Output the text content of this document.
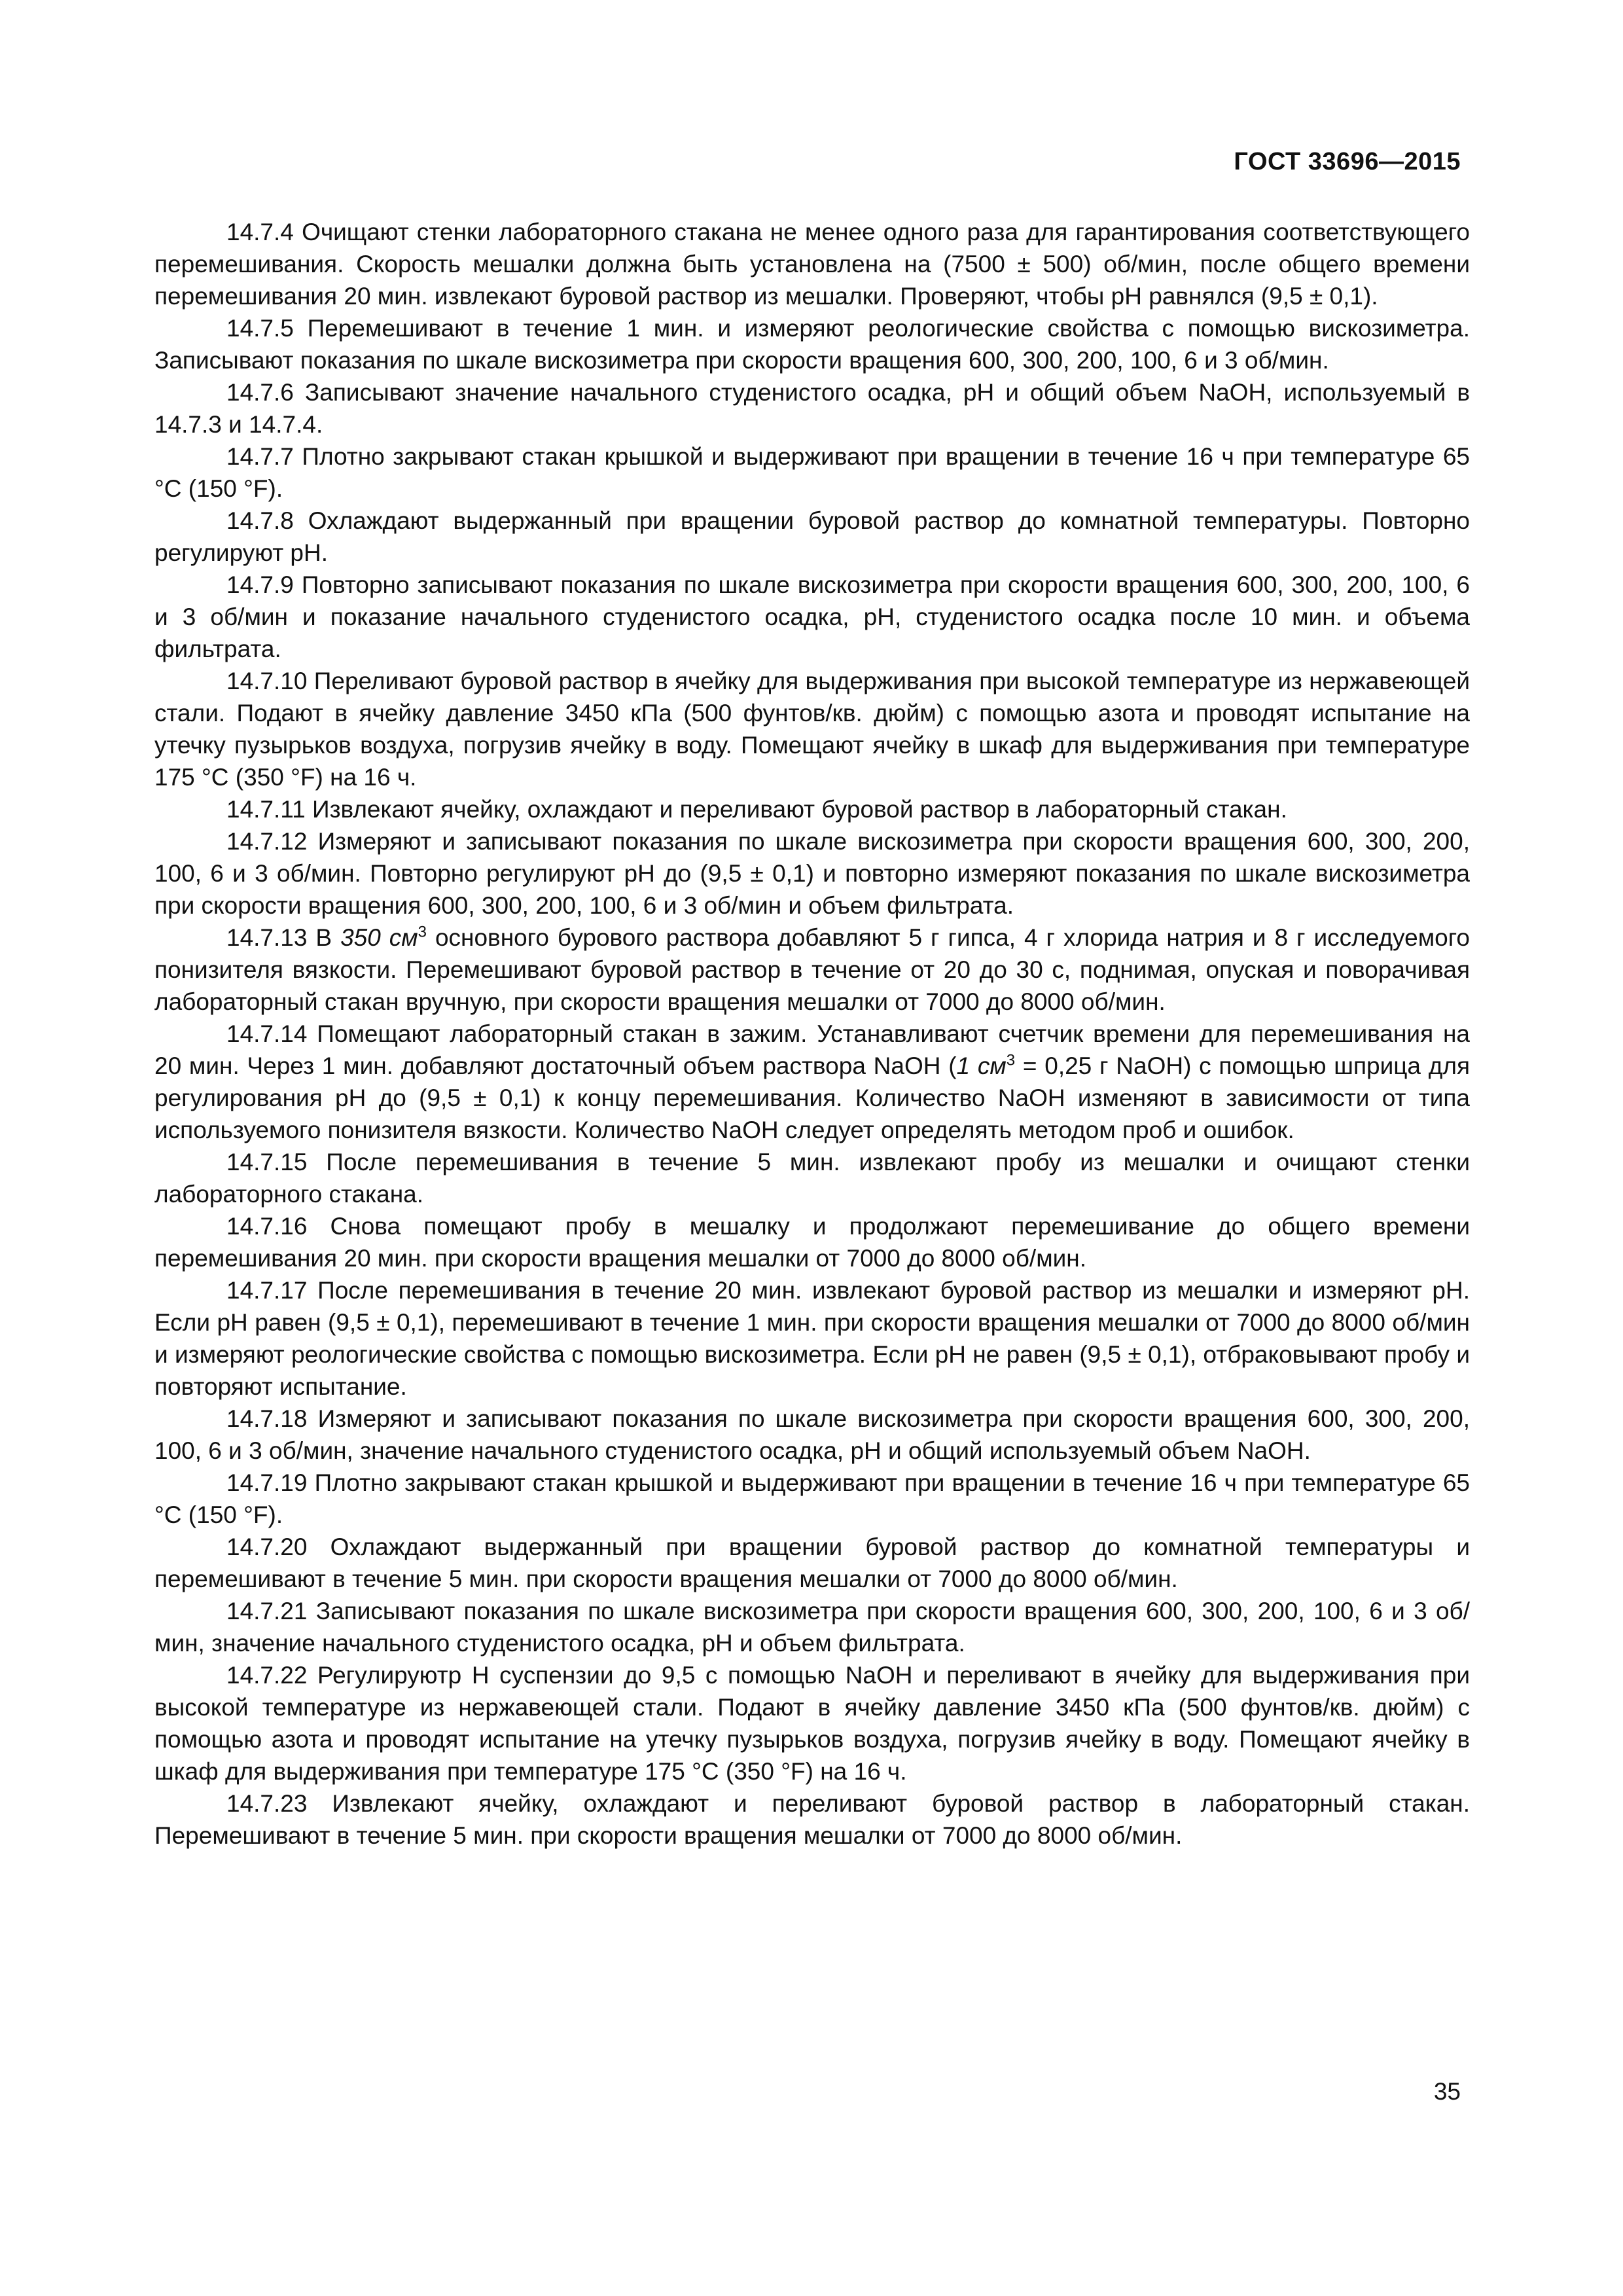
ГОСТ 33696—2015

14.7.4 Очищают стенки лабораторного стакана не менее одного раза для гарантирования соответствующего перемешивания. Скорость мешалки должна быть установлена на (7500 ± 500) об/мин, после общего времени перемешивания 20 мин. извлекают буровой раствор из мешалки. Проверяют, чтобы pH равнялся (9,5 ± 0,1).

14.7.5 Перемешивают в течение 1 мин. и измеряют реологические свойства с помощью вискозиметра. Записывают показания по шкале вискозиметра при скорости вращения 600, 300, 200, 100, 6 и 3 об/мин.

14.7.6 Записывают значение начального студенистого осадка, pH и общий объем NaOH, используемый в 14.7.3 и 14.7.4.

14.7.7 Плотно закрывают стакан крышкой и выдерживают при вращении в течение 16 ч при температуре 65 °С (150 °F).

14.7.8 Охлаждают выдержанный при вращении буровой раствор до комнатной температуры. Повторно регулируют pH.

14.7.9 Повторно записывают показания по шкале вискозиметра при скорости вращения 600, 300, 200, 100, 6 и 3 об/мин и показание начального студенистого осадка, pH, студенистого осадка после 10 мин. и объема фильтрата.

14.7.10 Переливают буровой раствор в ячейку для выдерживания при высокой температуре из нержавеющей стали. Подают в ячейку давление 3450 кПа (500 фунтов/кв. дюйм) с помощью азота и проводят испытание на утечку пузырьков воздуха, погрузив ячейку в воду. Помещают ячейку в шкаф для выдерживания при температуре 175 °С (350 °F) на 16 ч.

14.7.11 Извлекают ячейку, охлаждают и переливают буровой раствор в лабораторный стакан.

14.7.12 Измеряют и записывают показания по шкале вискозиметра при скорости вращения 600, 300, 200, 100, 6 и 3 об/мин. Повторно регулируют pH до (9,5 ± 0,1) и повторно измеряют показания по шкале вискозиметра при скорости вращения 600, 300, 200, 100, 6 и 3 об/мин и объем фильтрата.

14.7.13 В 350 $см^3$ основного бурового раствора добавляют 5 г гипса, 4 г хлорида натрия и 8 г исследуемого понизителя вязкости. Перемешивают буровой раствор в течение от 20 до 30 с, поднимая, опуская и поворачивая лабораторный стакан вручную, при скорости вращения мешалки от 7000 до 8000 об/мин.

14.7.14 Помещают лабораторный стакан в зажим. Устанавливают счетчик времени для перемешивания на 20 мин. Через 1 мин. добавляют достаточный объем раствора NaOH (1 $см^3 = 0,25$ г NaOH) с помощью шприца для регулирования pH до (9,5 ± 0,1) к концу перемешивания. Количество NaOH изменяют в зависимости от типа используемого понизителя вязкости. Количество NaOH следует определять методом проб и ошибок.

14.7.15 После перемешивания в течение 5 мин. извлекают пробу из мешалки и очищают стенки лабораторного стакана.

14.7.16 Снова помещают пробу в мешалку и продолжают перемешивание до общего времени перемешивания 20 мин. при скорости вращения мешалки от 7000 до 8000 об/мин.

14.7.17 После перемешивания в течение 20 мин. извлекают буровой раствор из мешалки и измеряют pH. Если pH равен (9,5 ± 0,1), перемешивают в течение 1 мин. при скорости вращения мешалки от 7000 до 8000 об/мин и измеряют реологические свойства с помощью вискозиметра. Если pH не равен (9,5 ± 0,1), отбраковывают пробу и повторяют испытание.

14.7.18 Измеряют и записывают показания по шкале вискозиметра при скорости вращения 600, 300, 200, 100, 6 и 3 об/мин, значение начального студенистого осадка, pH и общий используемый объем NaOH.

14.7.19 Плотно закрывают стакан крышкой и выдерживают при вращении в течение 16 ч при температуре 65 °С (150 °F).

14.7.20 Охлаждают выдержанный при вращении буровой раствор до комнатной температуры и перемешивают в течение 5 мин. при скорости вращения мешалки от 7000 до 8000 об/мин.

14.7.21 Записывают показания по шкале вискозиметра при скорости вращения 600, 300, 200, 100, 6 и 3 об/мин, значение начального студенистого осадка, pH и объем фильтрата.

14.7.22 Регулируютр Н суспензии до 9,5 с помощью NaOH и переливают в ячейку для выдерживания при высокой температуре из нержавеющей стали. Подают в ячейку давление 3450 кПа (500 фунтов/кв. дюйм) с помощью азота и проводят испытание на утечку пузырьков воздуха, погрузив ячейку в воду. Помещают ячейку в шкаф для выдерживания при температуре 175 °С (350 °F) на 16 ч.

14.7.23 Извлекают ячейку, охлаждают и переливают буровой раствор в лабораторный стакан. Перемешивают в течение 5 мин. при скорости вращения мешалки от 7000 до 8000 об/мин.

35
